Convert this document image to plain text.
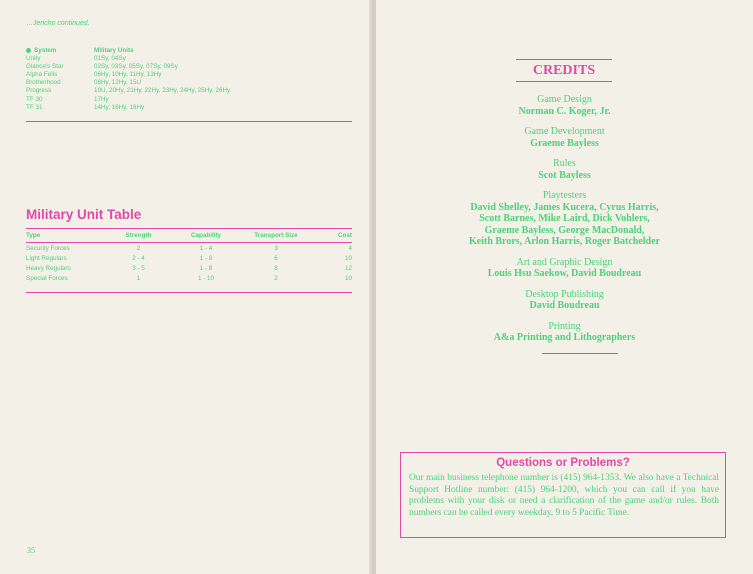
...Jericho continued.
System	Military Units
Unity	01Sy, 04Sy
Glance's Star	02Sy, 03Sy, 05Sy, 07Sy, 09Sy
Alpha Felis	06Hy, 10Hy, 11Hy, 13Hy
Brotherhood	08Hy, 12Hy, 15U
Progress	19U, 20Hy, 21Hy, 22Hy, 23Hy, 24Hy, 25Hy, 26Hy
TF 30	17Hy
TF 31	14Hy, 16Hy, 18Hy
Military Unit Table
Type	Strength	Capability	Transport Size	Cost
Security Forces	2	1 - 4	3	4
Light Regulars	2 - 4	1 - 8	6	10
Heavy Regulars	3 - 5	1 - 8	8	12
Special Forces	1	1 - 10	2	10
35
CREDITS
Questions or Problems?
Our main business telephone number is (415) 964-1353. We also have a Technical Support Hotline number: (415) 964-1200, which you can call if you have problems with your disk or need a clarification of the game and/or rules. Both numbers can be called every weekday, 9 to 5 Pacific Time.
Game Design
Norman C. Koger, Jr.
Game Development
Graeme Bayless
Rules
Scot Bayless
Playtesters
David Shelley, James Kucera, Cyrus Harris,
Scott Barnes, Mike Laird, Dick Vohlers,
Graeme Bayless, George MacDonald,
Keith Brors, Arlon Harris, Roger Batchelder
Art and Graphic Design
Louis Hsu Saekow, David Boudreau
Desktop Publishing
David Boudreau
Printing
A&a Printing and Lithographers
